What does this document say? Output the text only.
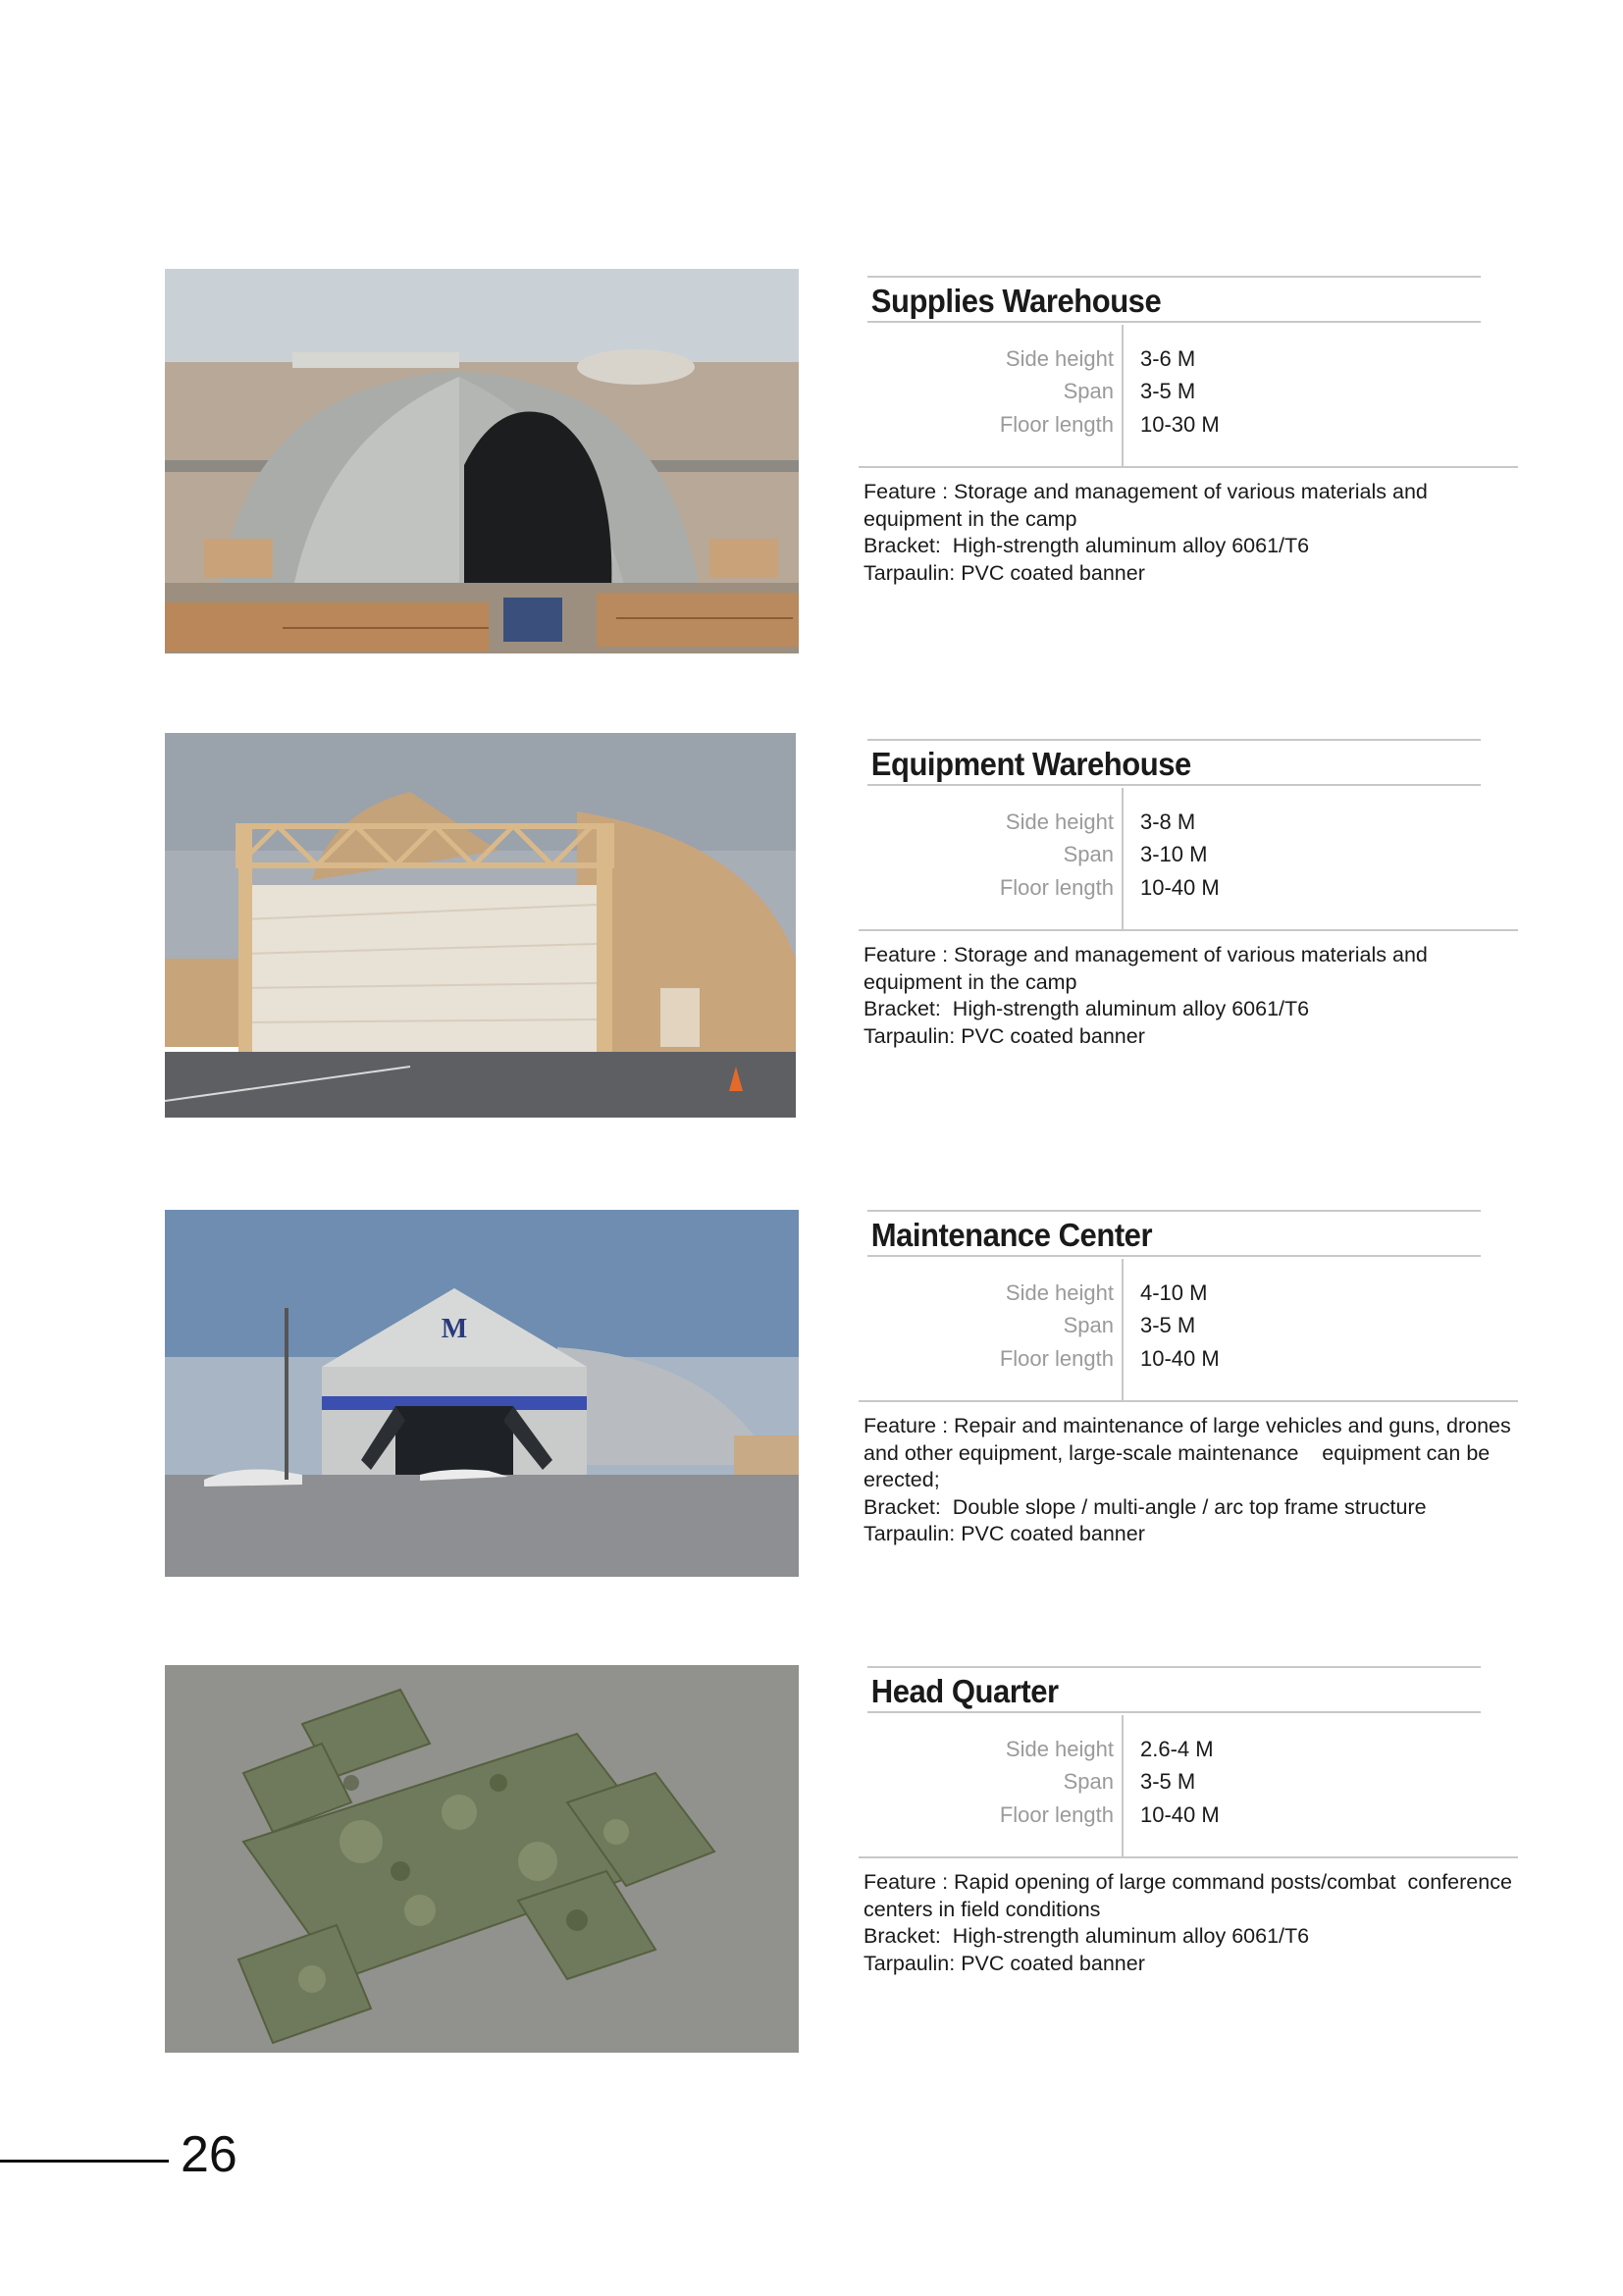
Supplies Warehouse
Side height 3-6 M
Span 3-5 M
Floor length 10-30 M
Feature : Storage and management of various materials and
equipment in the camp
Bracket:  High-strength aluminum alloy 6061/T6
Tarpaulin: PVC coated banner
Equipment Warehouse
Side height 3-8 M
Span 3-10 M
Floor length 10-40 M
Feature : Storage and management of various materials and
equipment in the camp
Bracket:  High-strength aluminum alloy 6061/T6
Tarpaulin: PVC coated banner
M
Maintenance Center
Side height 4-10 M
Span 3-5 M
Floor length 10-40 M
Feature : Repair and maintenance of large vehicles and guns, drones
and other equipment, large-scale maintenance    equipment can be
erected;
Bracket:  Double slope / multi-angle / arc top frame structure
Tarpaulin: PVC coated banner
Head Quarter
Side height 2.6-4 M
Span 3-5 M
Floor length 10-40 M
Feature : Rapid opening of large command posts/combat  conference
centers in field conditions
Bracket:  High-strength aluminum alloy 6061/T6
Tarpaulin: PVC coated banner
26
